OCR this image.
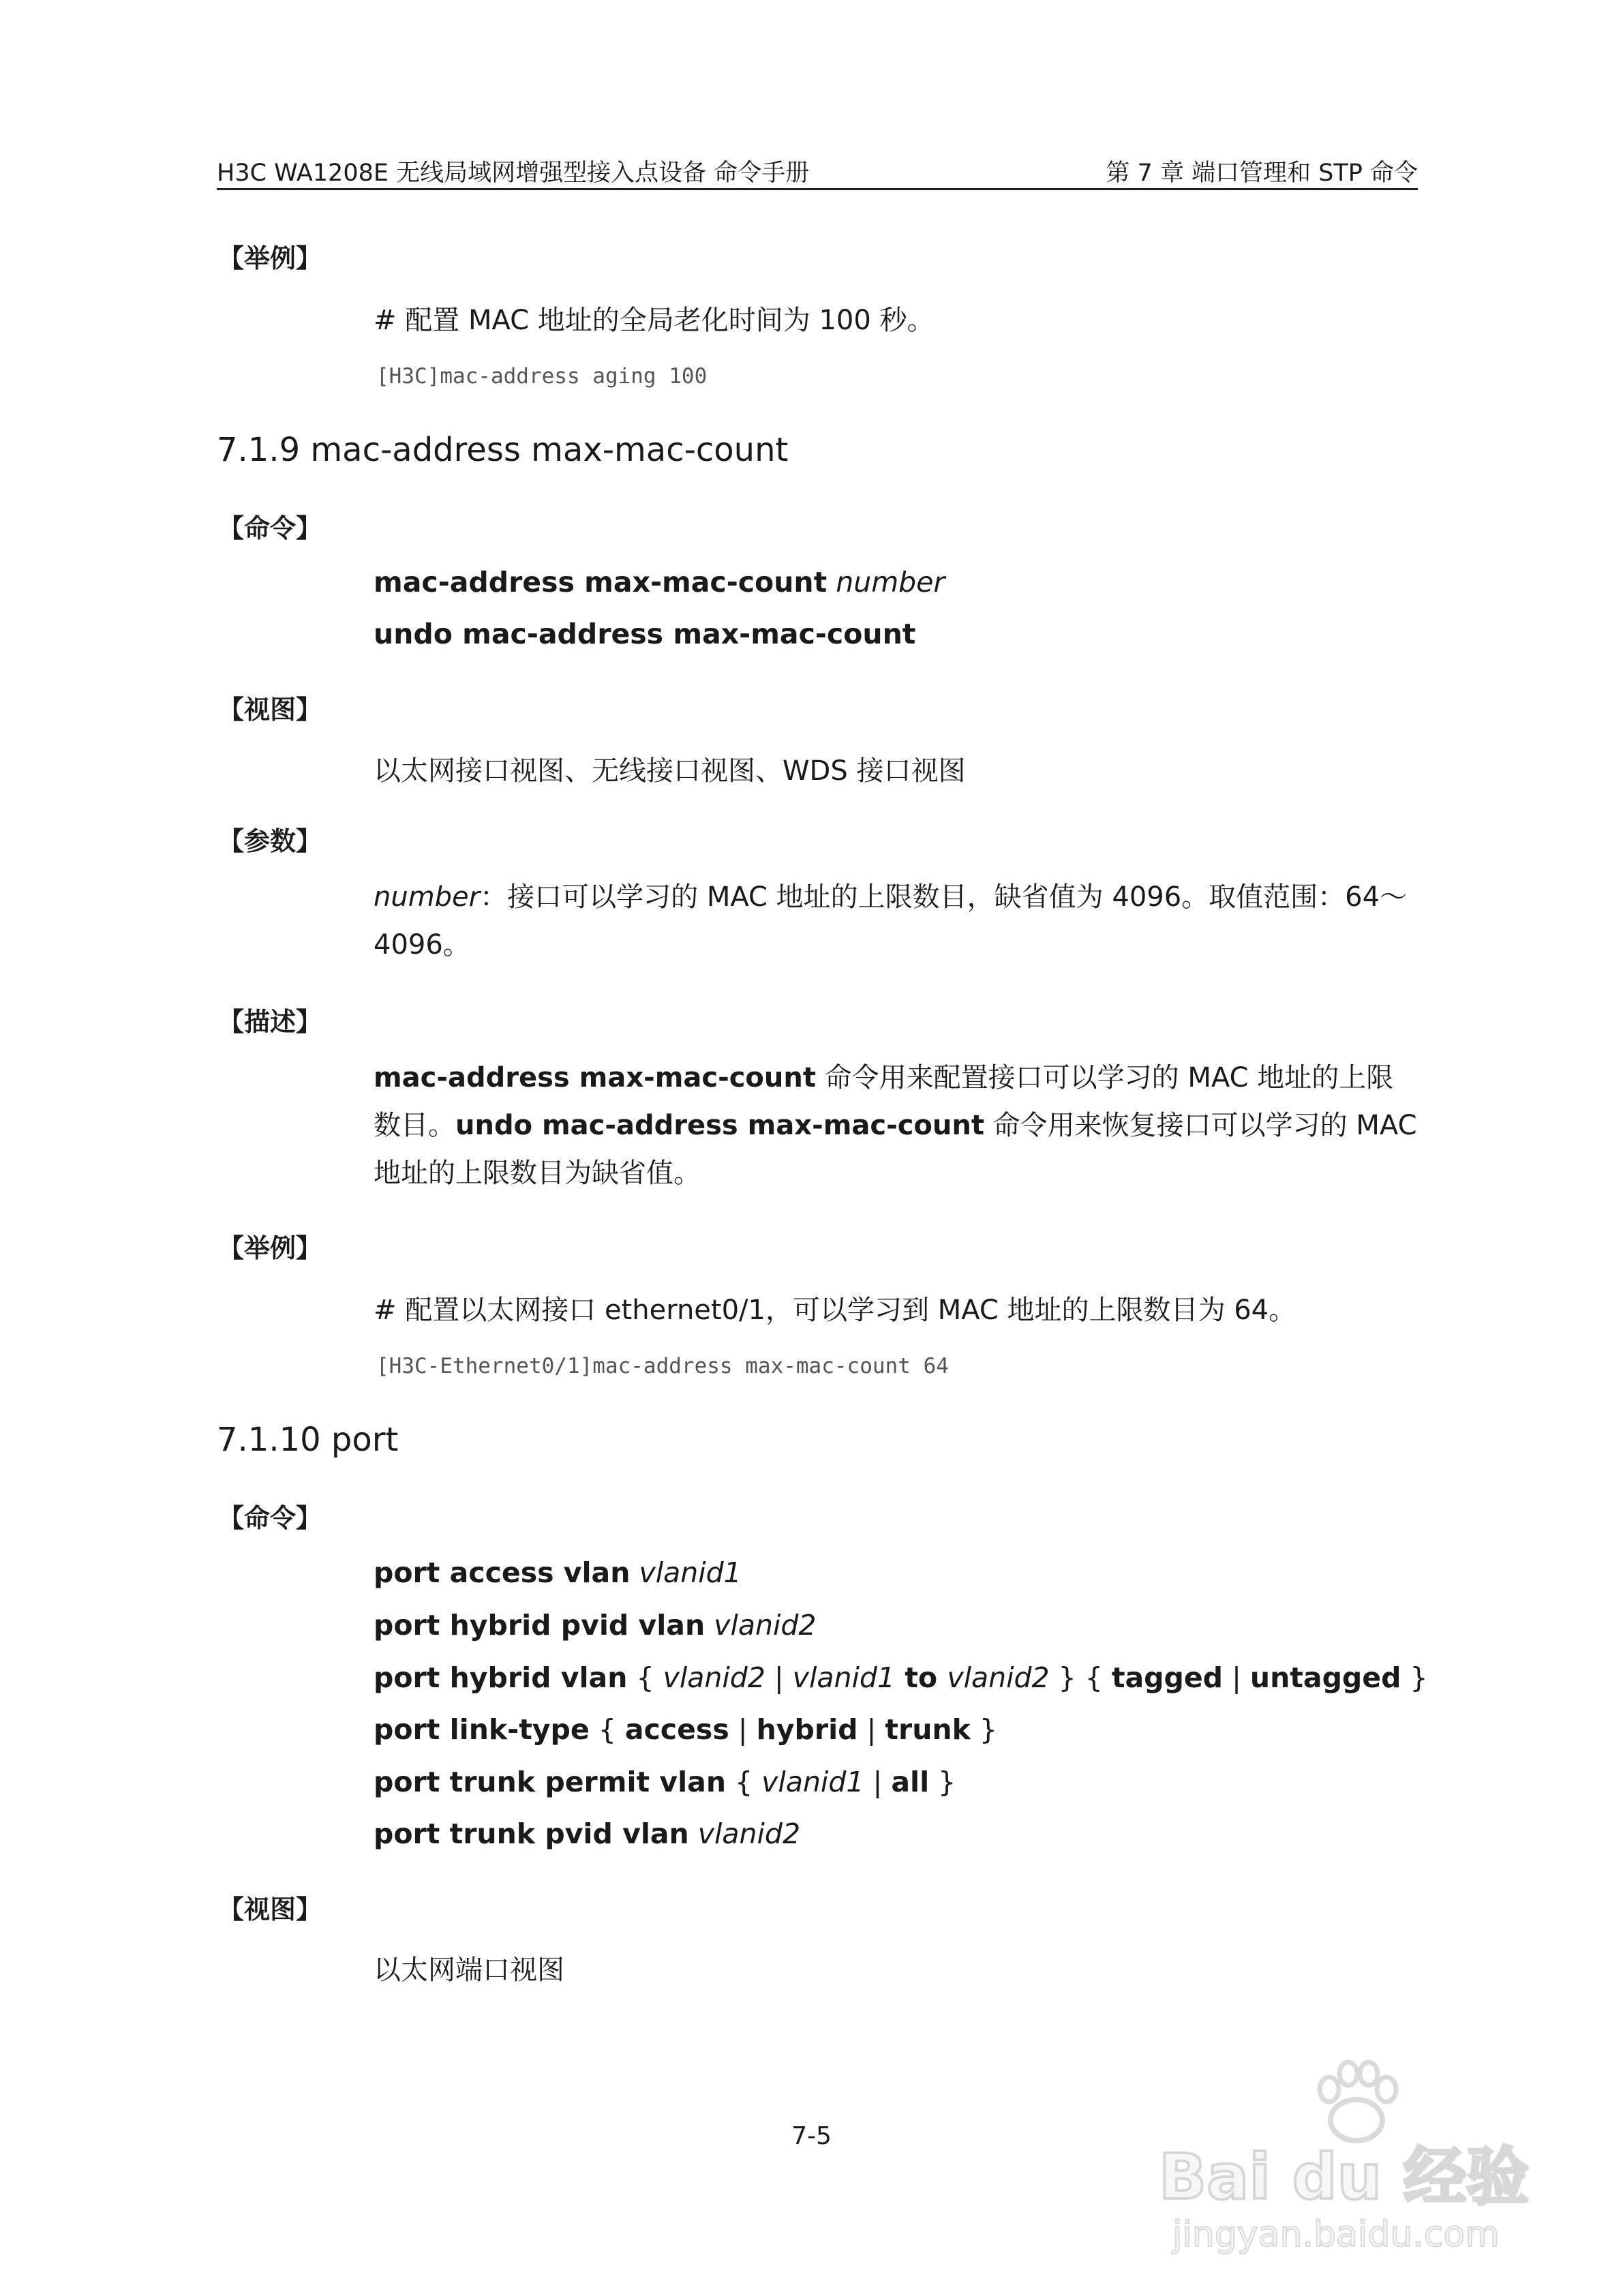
H3C WA1208E 无线局域网增强型接入点设备 命令手册	第 7 章 端口管理和 STP 命令
【举例】
# 配置 MAC 地址的全局老化时间为 100 秒。
[H3C]mac-address aging 100
7.1.9 mac-address max-mac-count
【命令】
mac-address max-mac-count number
undo mac-address max-mac-count
【视图】
以太网接口视图、无线接口视图、WDS 接口视图
【参数】
number：接口可以学习的 MAC 地址的上限数目，缺省值为 4096。取值范围：64～
4096。
【描述】
mac-address max-mac-count 命令用来配置接口可以学习的 MAC 地址的上限数目。undo mac-address max-mac-count 命令用来恢复接口可以学习的 MAC 地址的上限数目为缺省值。
【举例】
# 配置以太网接口 ethernet0/1，可以学习到 MAC 地址的上限数目为 64。
[H3C-Ethernet0/1]mac-address max-mac-count 64
7.1.10 port
【命令】
port access vlan vlanid1
port hybrid pvid vlan vlanid2
port hybrid vlan { vlanid2 | vlanid1 to vlanid2 } { tagged | untagged }
port link-type { access | hybrid | trunk }
port trunk permit vlan { vlanid1 | all }
port trunk pvid vlan vlanid2
【视图】
以太网端口视图
7-5
Bai du 经验
jingyan.baidu.com
